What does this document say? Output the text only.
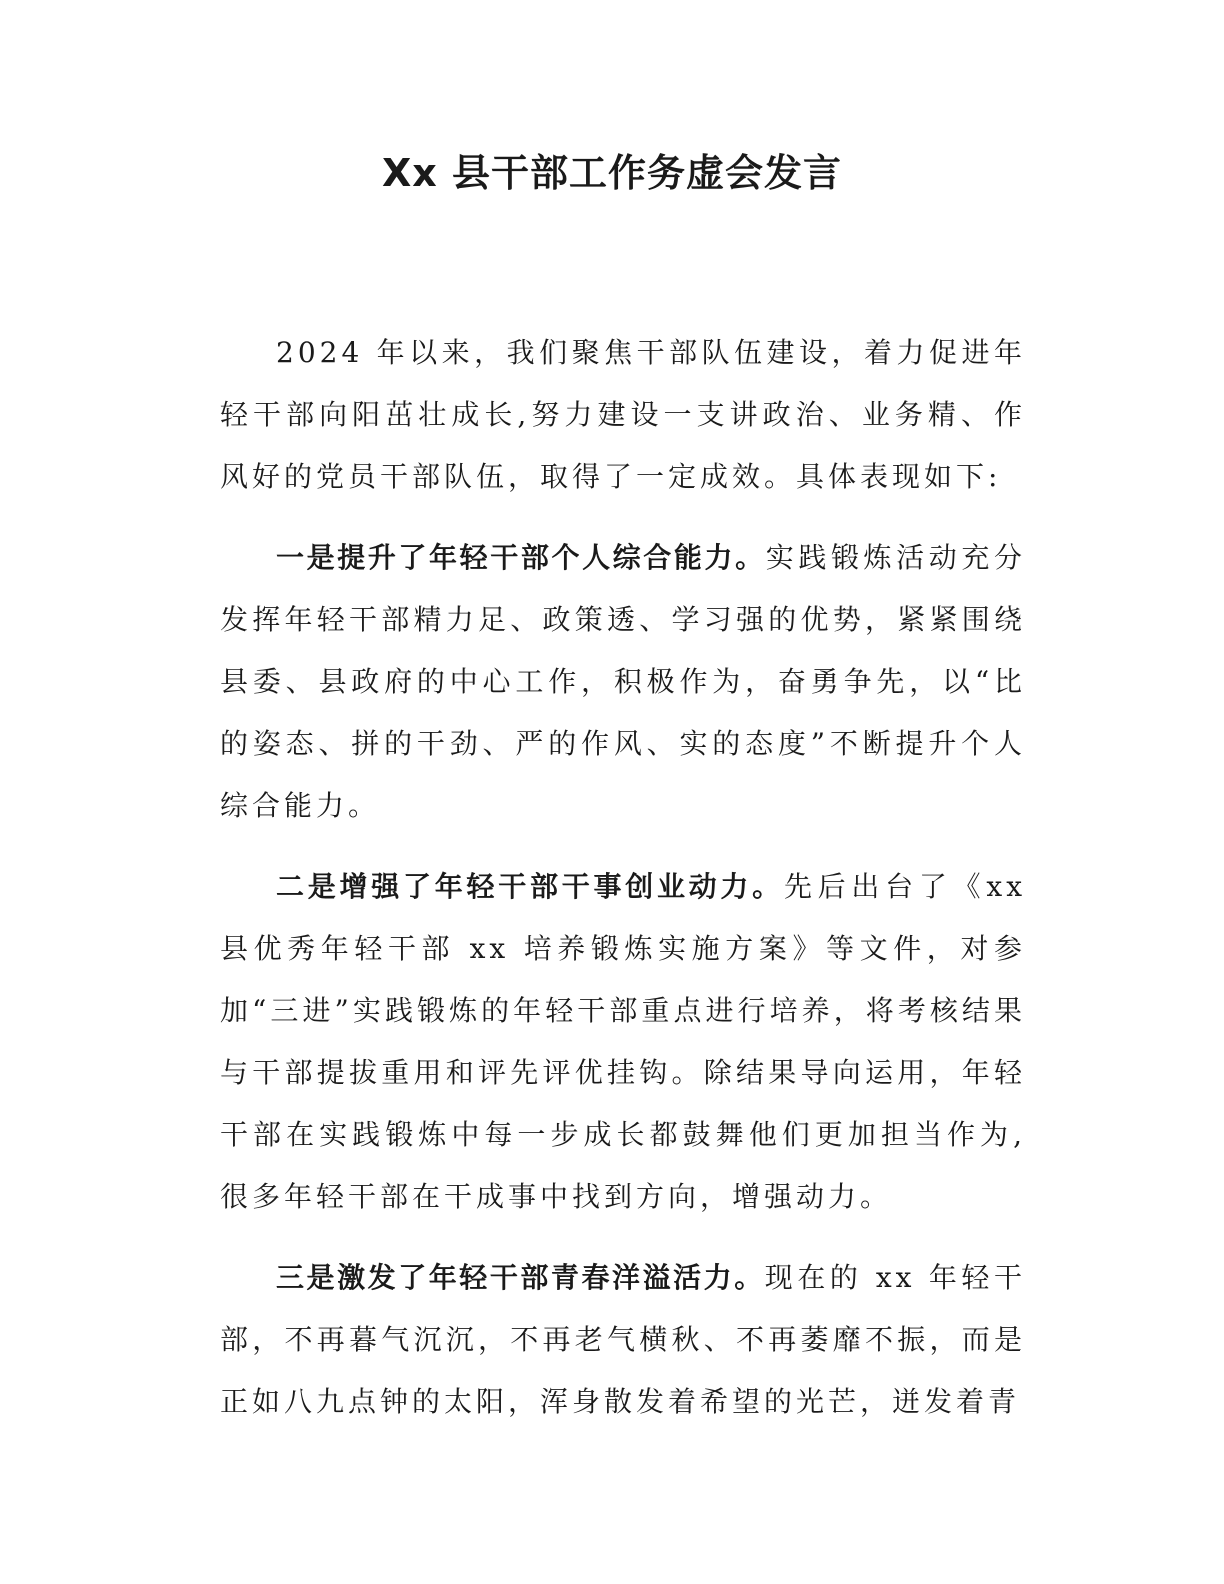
Xx 县干部工作务虚会发言

2024 年以来，我们聚焦干部队伍建设，着力促进年轻干部向阳茁壮成长,努力建设一支讲政治、业务精、作风好的党员干部队伍，取得了一定成效。具体表现如下:

一是提升了年轻干部个人综合能力。实践锻炼活动充分发挥年轻干部精力足、政策透、学习强的优势，紧紧围绕县委、县政府的中心工作，积极作为，奋勇争先，以“比的姿态、拼的干劲、严的作风、实的态度”不断提升个人综合能力。

二是增强了年轻干部干事创业动力。先后出台了《xx 县优秀年轻干部 xx 培养锻炼实施方案》等文件，对参加“三进”实践锻炼的年轻干部重点进行培养，将考核结果与干部提拔重用和评先评优挂钩。除结果导向运用，年轻干部在实践锻炼中每一步成长都鼓舞他们更加担当作为,很多年轻干部在干成事中找到方向，增强动力。

三是激发了年轻干部青春洋溢活力。现在的 xx 年轻干部，不再暮气沉沉，不再老气横秋、不再萎靡不振，而是正如八九点钟的太阳，浑身散发着希望的光芒，迸发着青
